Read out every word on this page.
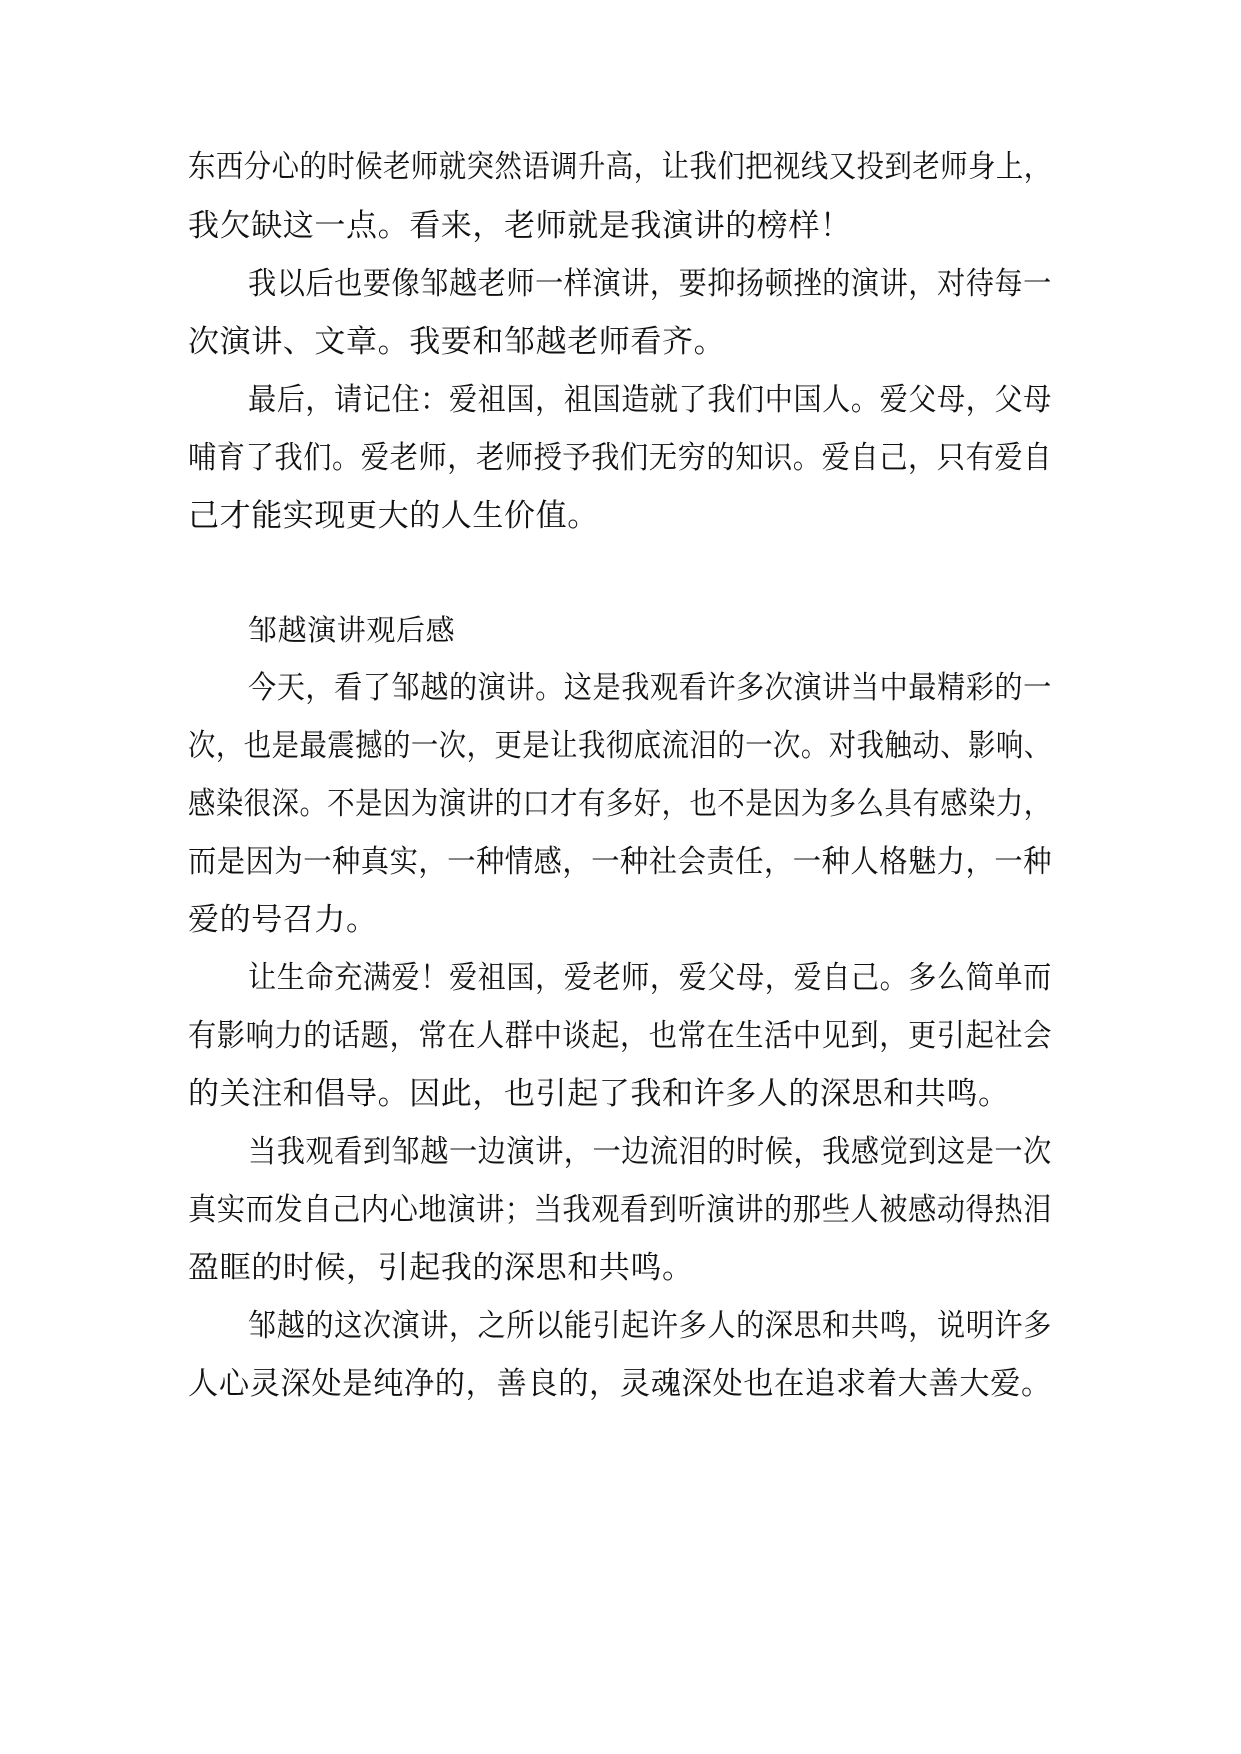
东西分心的时候老师就突然语调升高，让我们把视线又投到老师身上，
我欠缺这一点。看来，老师就是我演讲的榜样！
我以后也要像邹越老师一样演讲，要抑扬顿挫的演讲，对待每一
次演讲、文章。我要和邹越老师看齐。
最后，请记住：爱祖国，祖国造就了我们中国人。爱父母，父母
哺育了我们。爱老师，老师授予我们无穷的知识。爱自己，只有爱自
己才能实现更大的人生价值。
邹越演讲观后感
今天，看了邹越的演讲。这是我观看许多次演讲当中最精彩的一
次，也是最震撼的一次，更是让我彻底流泪的一次。对我触动、影响、
感染很深。不是因为演讲的口才有多好，也不是因为多么具有感染力，
而是因为一种真实，一种情感，一种社会责任，一种人格魅力，一种
爱的号召力。
让生命充满爱！爱祖国，爱老师，爱父母，爱自己。多么简单而
有影响力的话题，常在人群中谈起，也常在生活中见到，更引起社会
的关注和倡导。因此，也引起了我和许多人的深思和共鸣。
当我观看到邹越一边演讲，一边流泪的时候，我感觉到这是一次
真实而发自己内心地演讲；当我观看到听演讲的那些人被感动得热泪
盈眶的时候，引起我的深思和共鸣。
邹越的这次演讲，之所以能引起许多人的深思和共鸣，说明许多
人心灵深处是纯净的，善良的，灵魂深处也在追求着大善大爱。
